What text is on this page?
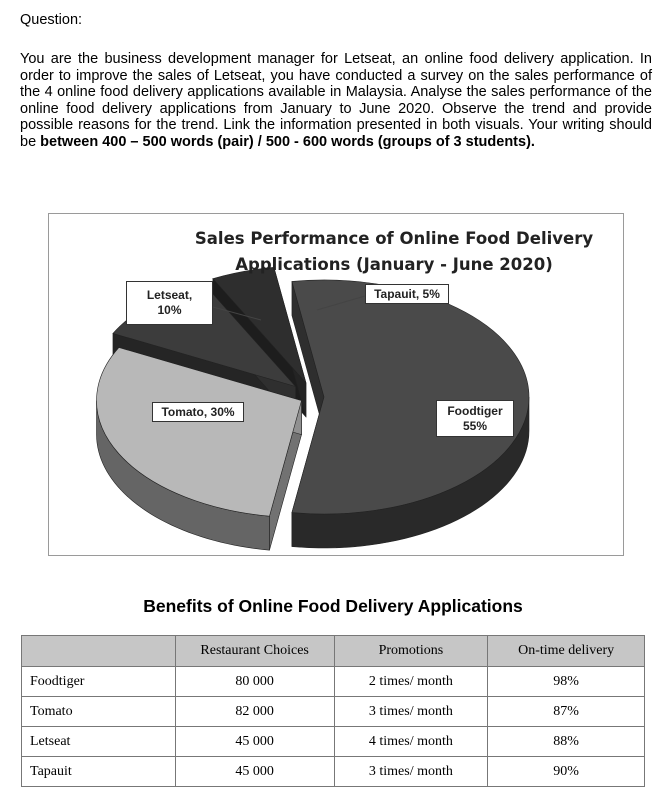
Question:
You are the business development manager for Letseat, an online food delivery application. In order to improve the sales of Letseat, you have conducted a survey on the sales performance of the 4 online food delivery applications available in Malaysia. Analyse the sales performance of the online food delivery applications from January to June 2020. Observe the trend and provide possible reasons for the trend. Link the information presented in both visuals. Your writing should be between 400 – 500 words (pair) / 500 - 600 words (groups of 3 students).
Sales Performance of Online Food Delivery
Applications (January - June 2020)
Letseat,
10%
Tapauit, 5%
Tomato, 30%	Foodtiger
55%
Benefits of Online Food Delivery Applications
	Restaurant Choices	Promotions	On-time delivery
Foodtiger	80 000	2 times/ month	98%
Tomato	82 000	3 times/ month	87%
Letseat	45 000	4 times/ month	88%
Tapauit	45 000	3 times/ month	90%
